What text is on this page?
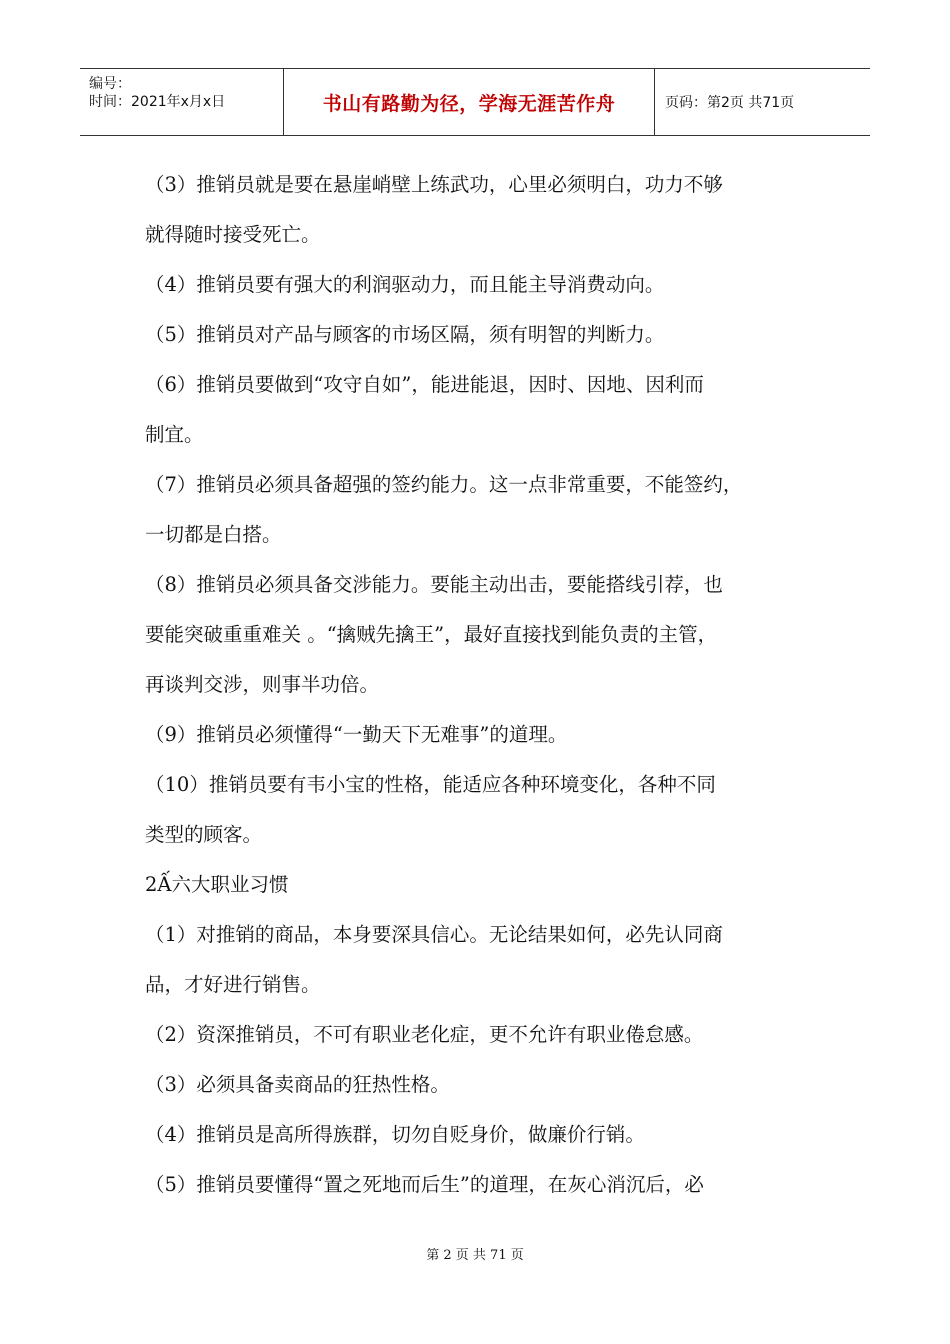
编号：
时间：2021年x月x日	书山有路勤为径，学海无涯苦作舟	页码：第2页 共71页

（3）推销员就是要在悬崖峭壁上练武功，心里必须明白，功力不够

就得随时接受死亡。

（4）推销员要有强大的利润驱动力，而且能主导消费动向。

（5）推销员对产品与顾客的市场区隔，须有明智的判断力。

（6）推销员要做到“攻守自如”，能进能退，因时、因地、因利而

制宜。

（7）推销员必须具备超强的签约能力。这一点非常重要，不能签约，

一切都是白搭。

（8）推销员必须具备交涉能力。要能主动出击，要能搭线引荐，也

要能突破重重难关 。“擒贼先擒王”，最好直接找到能负责的主管，

再谈判交涉，则事半功倍。

（9）推销员必须懂得“一勤天下无难事”的道理。

（10）推销员要有韦小宝的性格，能适应各种环境变化，各种不同

类型的顾客。

2Ấ六大职业习惯

（1）对推销的商品，本身要深具信心。无论结果如何，必先认同商

品，才好进行销售。

（2）资深推销员，不可有职业老化症，更不允许有职业倦怠感。

（3）必须具备卖商品的狂热性格。

（4）推销员是高所得族群，切勿自贬身价，做廉价行销。

（5）推销员要懂得“置之死地而后生”的道理，在灰心消沉后，必

第 2 页 共 71 页
